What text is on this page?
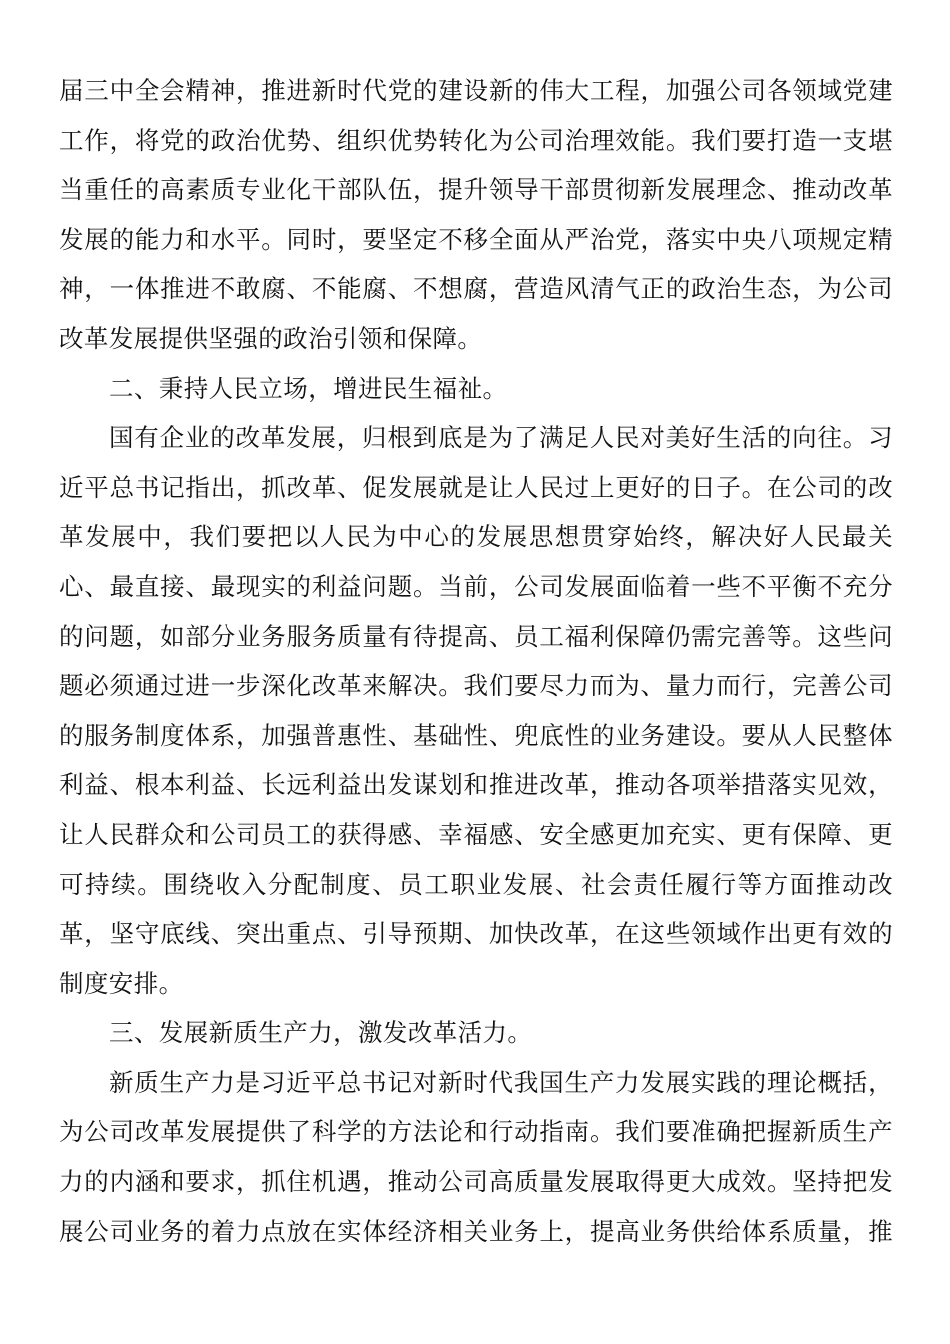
届三中全会精神，推进新时代党的建设新的伟大工程，加强公司各领域党建
工作，将党的政治优势、组织优势转化为公司治理效能。我们要打造一支堪
当重任的高素质专业化干部队伍，提升领导干部贯彻新发展理念、推动改革
发展的能力和水平。同时，要坚定不移全面从严治党，落实中央八项规定精
神，一体推进不敢腐、不能腐、不想腐，营造风清气正的政治生态，为公司
改革发展提供坚强的政治引领和保障。
二、秉持人民立场，增进民生福祉。
国有企业的改革发展，归根到底是为了满足人民对美好生活的向往。习
近平总书记指出，抓改革、促发展就是让人民过上更好的日子。在公司的改
革发展中，我们要把以人民为中心的发展思想贯穿始终，解决好人民最关
心、最直接、最现实的利益问题。当前，公司发展面临着一些不平衡不充分
的问题，如部分业务服务质量有待提高、员工福利保障仍需完善等。这些问
题必须通过进一步深化改革来解决。我们要尽力而为、量力而行，完善公司
的服务制度体系，加强普惠性、基础性、兜底性的业务建设。要从人民整体
利益、根本利益、长远利益出发谋划和推进改革，推动各项举措落实见效，
让人民群众和公司员工的获得感、幸福感、安全感更加充实、更有保障、更
可持续。围绕收入分配制度、员工职业发展、社会责任履行等方面推动改
革，坚守底线、突出重点、引导预期、加快改革，在这些领域作出更有效的
制度安排。
三、发展新质生产力，激发改革活力。
新质生产力是习近平总书记对新时代我国生产力发展实践的理论概括，
为公司改革发展提供了科学的方法论和行动指南。我们要准确把握新质生产
力的内涵和要求，抓住机遇，推动公司高质量发展取得更大成效。坚持把发
展公司业务的着力点放在实体经济相关业务上，提高业务供给体系质量，推
